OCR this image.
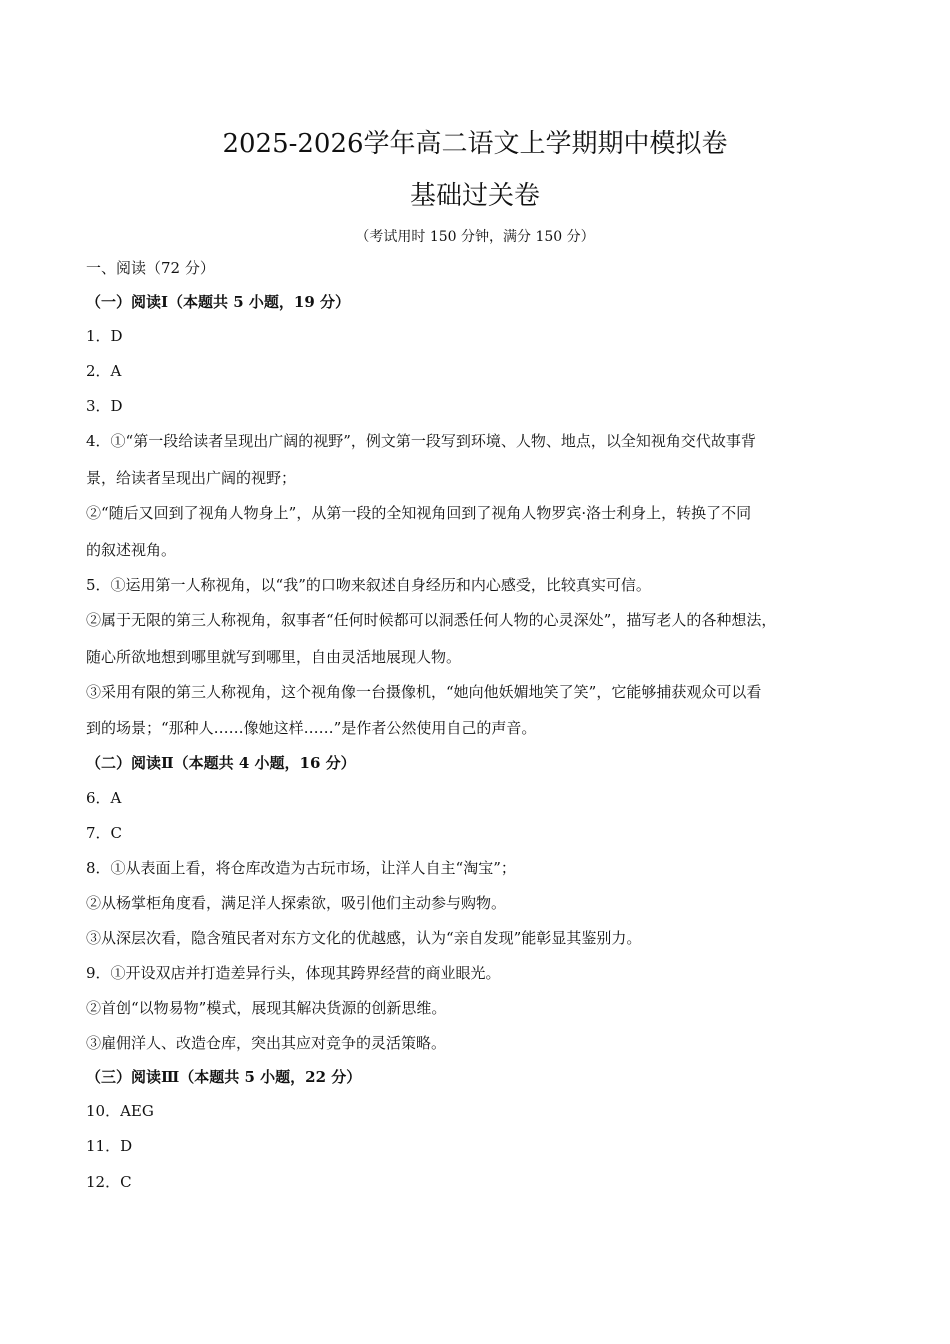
2025-2026学年高二语文上学期期中模拟卷
基础过关卷
（考试用时 150 分钟，满分 150 分）
一、阅读（72 分）
（一）阅读Ⅰ（本题共 5 小题，19 分）
1．D
2．A
3．D
4．①“第一段给读者呈现出广阔的视野”，例文第一段写到环境、人物、地点，以全知视角交代故事背
景，给读者呈现出广阔的视野；
②“随后又回到了视角人物身上”，从第一段的全知视角回到了视角人物罗宾·洛士利身上，转换了不同
的叙述视角。
5．①运用第一人称视角，以“我”的口吻来叙述自身经历和内心感受，比较真实可信。
②属于无限的第三人称视角，叙事者“任何时候都可以洞悉任何人物的心灵深处”，描写老人的各种想法，
随心所欲地想到哪里就写到哪里，自由灵活地展现人物。
③采用有限的第三人称视角，这个视角像一台摄像机，“她向他妖媚地笑了笑”，它能够捕获观众可以看
到的场景；“那种人……像她这样……”是作者公然使用自己的声音。
（二）阅读Ⅱ（本题共 4 小题，16 分）
6．A
7．C
8．①从表面上看，将仓库改造为古玩市场，让洋人自主“淘宝”；
②从杨掌柜角度看，满足洋人探索欲，吸引他们主动参与购物。
③从深层次看，隐含殖民者对东方文化的优越感，认为“亲自发现”能彰显其鉴别力。
9．①开设双店并打造差异行头，体现其跨界经营的商业眼光。
②首创“以物易物”模式，展现其解决货源的创新思维。
③雇佣洋人、改造仓库，突出其应对竞争的灵活策略。
（三）阅读Ⅲ（本题共 5 小题，22 分）
10．AEG
11．D
12．C
